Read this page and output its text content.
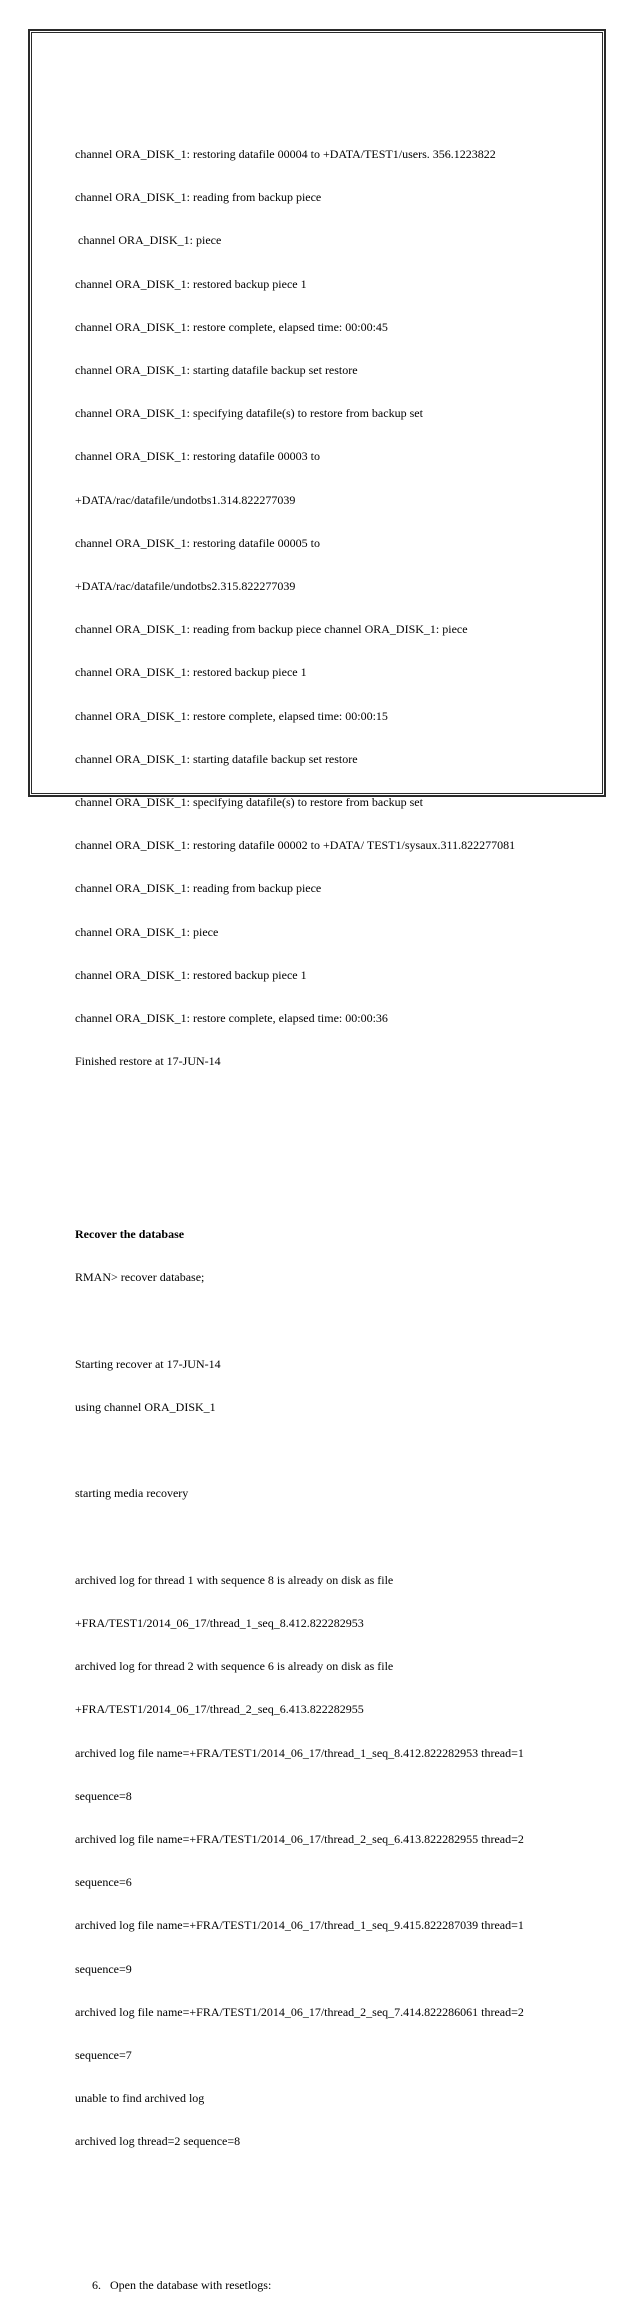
channel ORA_DISK_1: restoring datafile 00004 to +DATA/TEST1/users. 356.1223822

channel ORA_DISK_1: reading from backup piece

channel ORA_DISK_1: piece

channel ORA_DISK_1: restored backup piece 1

channel ORA_DISK_1: restore complete, elapsed time: 00:00:45

channel ORA_DISK_1: starting datafile backup set restore

channel ORA_DISK_1: specifying datafile(s) to restore from backup set

channel ORA_DISK_1: restoring datafile 00003 to

+DATA/rac/datafile/undotbs1.314.822277039

channel ORA_DISK_1: restoring datafile 00005 to

+DATA/rac/datafile/undotbs2.315.822277039

channel ORA_DISK_1: reading from backup piece channel ORA_DISK_1: piece

channel ORA_DISK_1: restored backup piece 1

channel ORA_DISK_1: restore complete, elapsed time: 00:00:15

channel ORA_DISK_1: starting datafile backup set restore

channel ORA_DISK_1: specifying datafile(s) to restore from backup set

channel ORA_DISK_1: restoring datafile 00002 to +DATA/ TEST1/sysaux.311.822277081

channel ORA_DISK_1: reading from backup piece

channel ORA_DISK_1: piece

channel ORA_DISK_1: restored backup piece 1

channel ORA_DISK_1: restore complete, elapsed time: 00:00:36

Finished restore at 17-JUN-14

Recover the database

RMAN> recover database;

Starting recover at 17-JUN-14

using channel ORA_DISK_1

starting media recovery

archived log for thread 1 with sequence 8 is already on disk as file

+FRA/TEST1/2014_06_17/thread_1_seq_8.412.822282953

archived log for thread 2 with sequence 6 is already on disk as file

+FRA/TEST1/2014_06_17/thread_2_seq_6.413.822282955

archived log file name=+FRA/TEST1/2014_06_17/thread_1_seq_8.412.822282953 thread=1

sequence=8

archived log file name=+FRA/TEST1/2014_06_17/thread_2_seq_6.413.822282955 thread=2

sequence=6

archived log file name=+FRA/TEST1/2014_06_17/thread_1_seq_9.415.822287039 thread=1

sequence=9

archived log file name=+FRA/TEST1/2014_06_17/thread_2_seq_7.414.822286061 thread=2

sequence=7

unable to find archived log

archived log thread=2 sequence=8

6. Open the database with resetlogs:
